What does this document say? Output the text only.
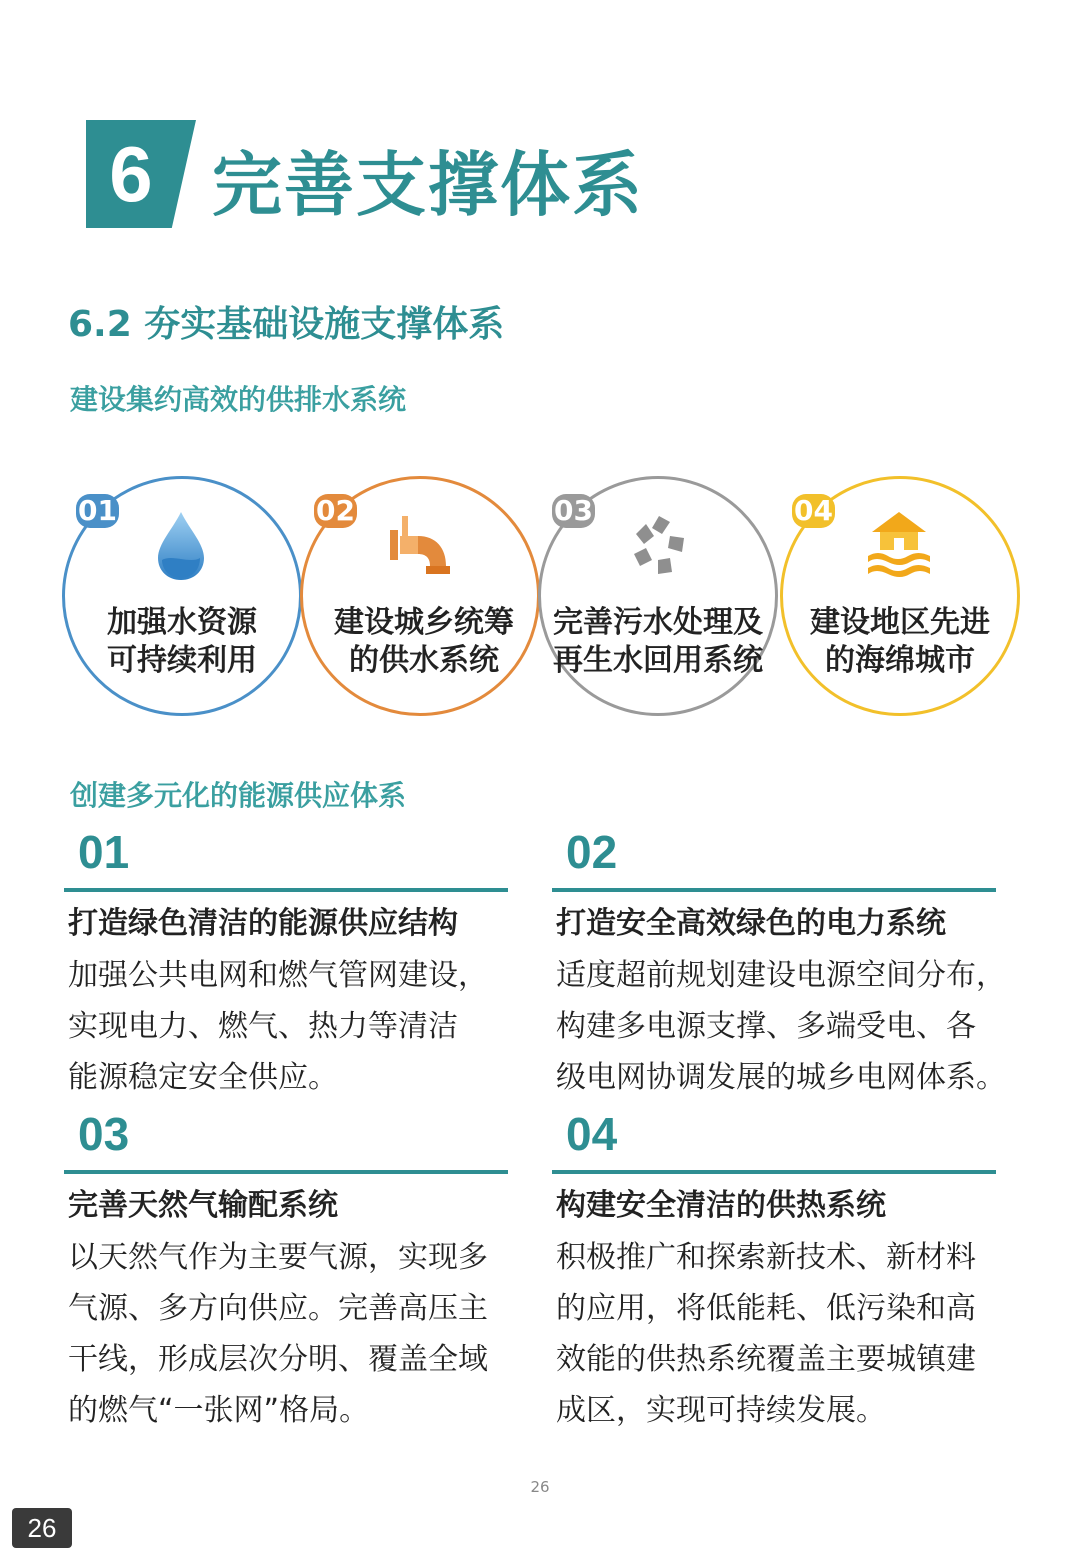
6 完善支撑体系
6.2 夯实基础设施支撑体系
建设集约高效的供排水系统
01	02	03	04
加强水资源
可持续利用
建设城乡统筹
的供水系统
完善污水处理及
再生水回用系统
建设地区先进
的海绵城市
创建多元化的能源供应体系
01
打造绿色清洁的能源供应结构
加强公共电网和燃气管网建设，
实现电力、燃气、热力等清洁
能源稳定安全供应。
02
打造安全高效绿色的电力系统
适度超前规划建设电源空间分布，
构建多电源支撑、多端受电、各
级电网协调发展的城乡电网体系。
03
完善天然气输配系统
以天然气作为主要气源，实现多
气源、多方向供应。完善高压主
干线，形成层次分明、覆盖全域
的燃气“一张网”格局。
04
构建安全清洁的供热系统
积极推广和探索新技术、新材料
的应用，将低能耗、低污染和高
效能的供热系统覆盖主要城镇建
成区，实现可持续发展。
26
26
